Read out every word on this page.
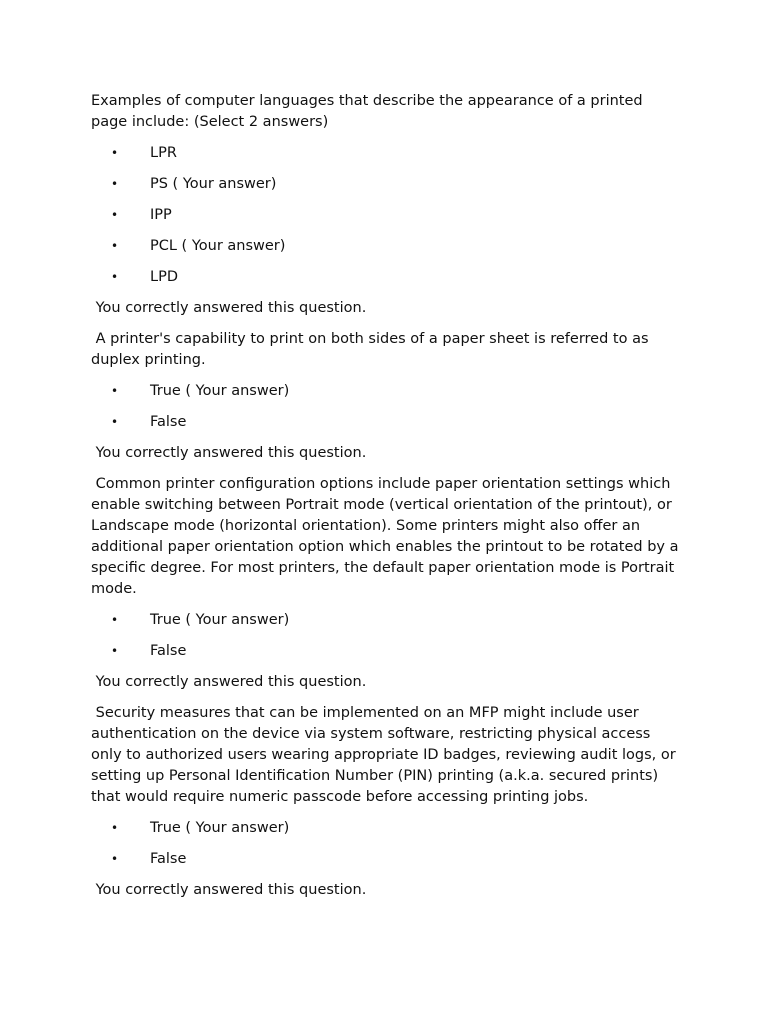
Examples of computer languages that describe the appearance of a printed page include: (Select 2 answers)

• LPR
• PS ( Your answer)
• IPP
• PCL ( Your answer)
• LPD

You correctly answered this question.

A printer's capability to print on both sides of a paper sheet is referred to as duplex printing.

• True ( Your answer)
• False

You correctly answered this question.

Common printer configuration options include paper orientation settings which enable switching between Portrait mode (vertical orientation of the printout), or Landscape mode (horizontal orientation). Some printers might also offer an additional paper orientation option which enables the printout to be rotated by a specific degree. For most printers, the default paper orientation mode is Portrait mode.

• True ( Your answer)
• False

You correctly answered this question.

Security measures that can be implemented on an MFP might include user authentication on the device via system software, restricting physical access only to authorized users wearing appropriate ID badges, reviewing audit logs, or setting up Personal Identification Number (PIN) printing (a.k.a. secured prints) that would require numeric passcode before accessing printing jobs.

• True ( Your answer)
• False

You correctly answered this question.
